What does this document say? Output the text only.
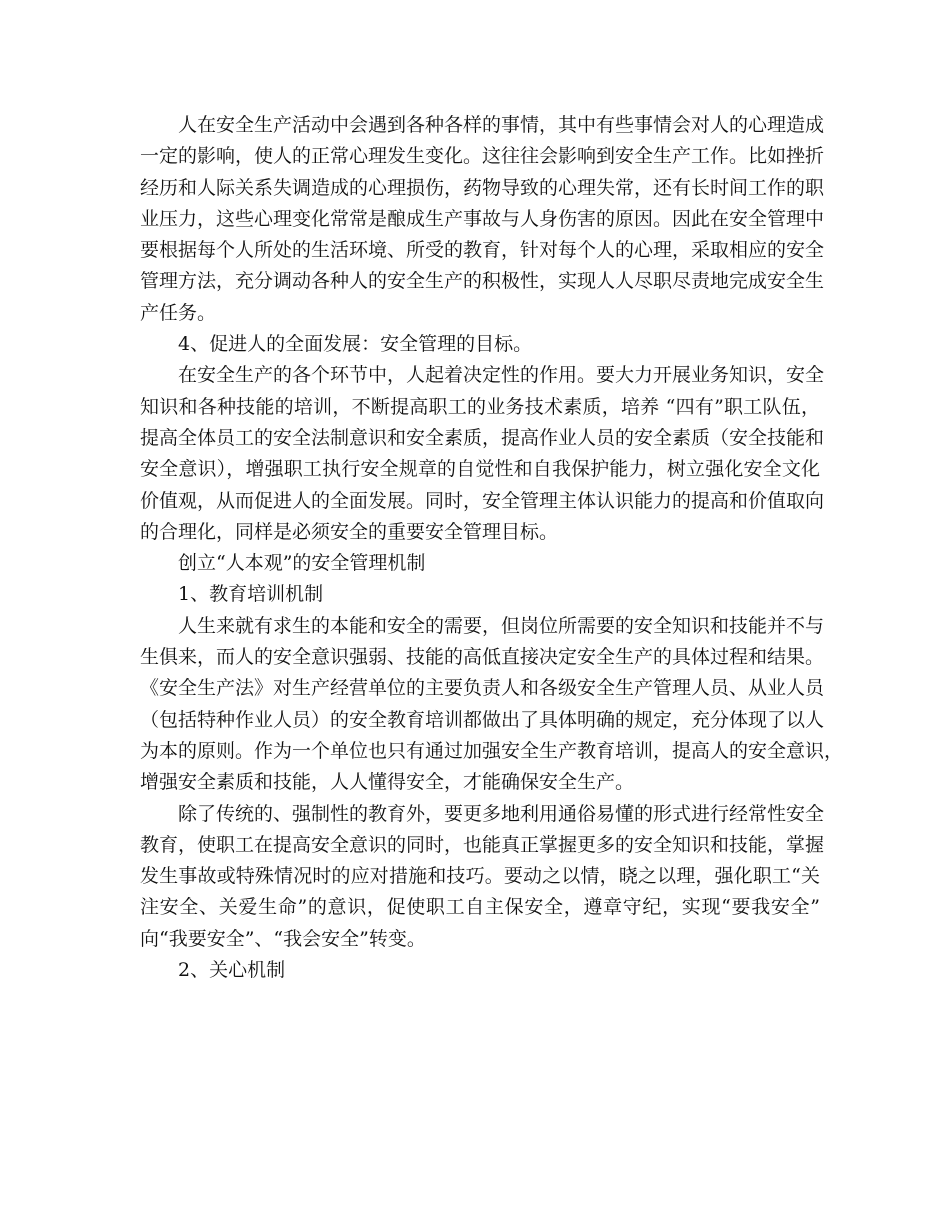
人在安全生产活动中会遇到各种各样的事情，其中有些事情会对人的心理造成
一定的影响，使人的正常心理发生变化。这往往会影响到安全生产工作。比如挫折
经历和人际关系失调造成的心理损伤，药物导致的心理失常，还有长时间工作的职
业压力，这些心理变化常常是酿成生产事故与人身伤害的原因。因此在安全管理中
要根据每个人所处的生活环境、所受的教育，针对每个人的心理，采取相应的安全
管理方法，充分调动各种人的安全生产的积极性，实现人人尽职尽责地完成安全生
产任务。
4、促进人的全面发展：安全管理的目标。
在安全生产的各个环节中，人起着决定性的作用。要大力开展业务知识，安全
知识和各种技能的培训，不断提高职工的业务技术素质，培养 “四有”职工队伍，
提高全体员工的安全法制意识和安全素质，提高作业人员的安全素质（安全技能和
安全意识），增强职工执行安全规章的自觉性和自我保护能力，树立强化安全文化
价值观，从而促进人的全面发展。同时，安全管理主体认识能力的提高和价值取向
的合理化，同样是必须安全的重要安全管理目标。
创立“人本观”的安全管理机制
1、教育培训机制
人生来就有求生的本能和安全的需要，但岗位所需要的安全知识和技能并不与
生俱来，而人的安全意识强弱、技能的高低直接决定安全生产的具体过程和结果。
《安全生产法》对生产经营单位的主要负责人和各级安全生产管理人员、从业人员
（包括特种作业人员）的安全教育培训都做出了具体明确的规定，充分体现了以人
为本的原则。作为一个单位也只有通过加强安全生产教育培训，提高人的安全意识，
增强安全素质和技能，人人懂得安全，才能确保安全生产。
除了传统的、强制性的教育外，要更多地利用通俗易懂的形式进行经常性安全
教育，使职工在提高安全意识的同时，也能真正掌握更多的安全知识和技能，掌握
发生事故或特殊情况时的应对措施和技巧。要动之以情，晓之以理，强化职工“关
注安全、关爱生命”的意识，促使职工自主保安全，遵章守纪，实现“要我安全”
向“我要安全”、“我会安全”转变。
2、关心机制
